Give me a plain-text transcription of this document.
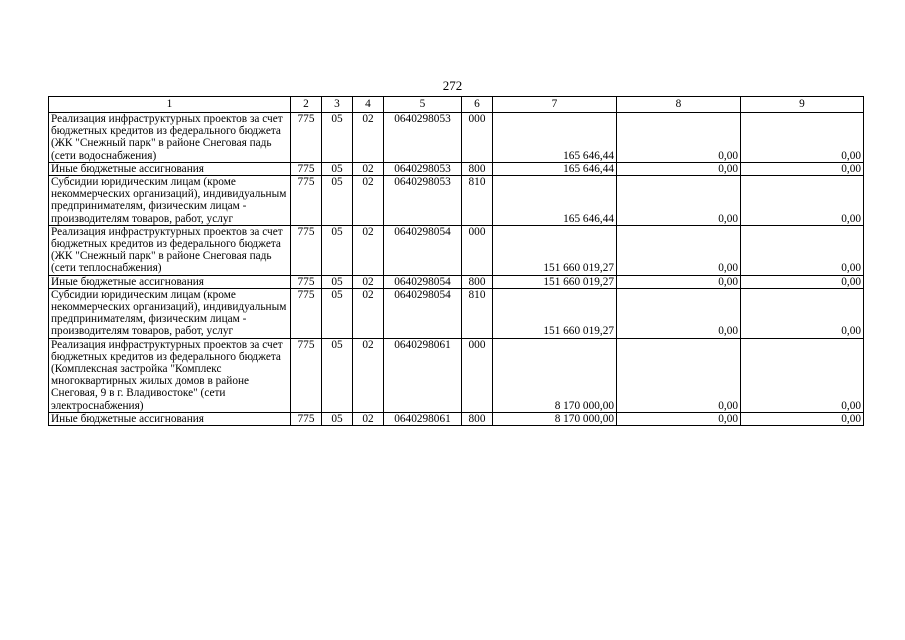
272
1	2	3	4	5	6	7	8	9
Реализация инфраструктурных проектов за счет бюджетных кредитов из федерального бюджета (ЖК "Снежный парк" в районе Снеговая падь (сети водоснабжения)	775	05	02	0640298053	000	165 646,44	0,00	0,00
Иные бюджетные ассигнования	775	05	02	0640298053	800	165 646,44	0,00	0,00
Субсидии юридическим лицам (кроме некоммерческих организаций), индивидуальным предпринимателям, физическим лицам - производителям товаров, работ, услуг	775	05	02	0640298053	810	165 646,44	0,00	0,00
Реализация инфраструктурных проектов за счет бюджетных кредитов из федерального бюджета (ЖК "Снежный парк" в районе Снеговая падь (сети теплоснабжения)	775	05	02	0640298054	000	151 660 019,27	0,00	0,00
Иные бюджетные ассигнования	775	05	02	0640298054	800	151 660 019,27	0,00	0,00
Субсидии юридическим лицам (кроме некоммерческих организаций), индивидуальным предпринимателям, физическим лицам - производителям товаров, работ, услуг	775	05	02	0640298054	810	151 660 019,27	0,00	0,00
Реализация инфраструктурных проектов за счет бюджетных кредитов из федерального бюджета (Комплексная застройка "Комплекс многоквартирных жилых домов в районе Снеговая, 9 в г. Владивостоке" (сети электроснабжения)	775	05	02	0640298061	000	8 170 000,00	0,00	0,00
Иные бюджетные ассигнования	775	05	02	0640298061	800	8 170 000,00	0,00	0,00
